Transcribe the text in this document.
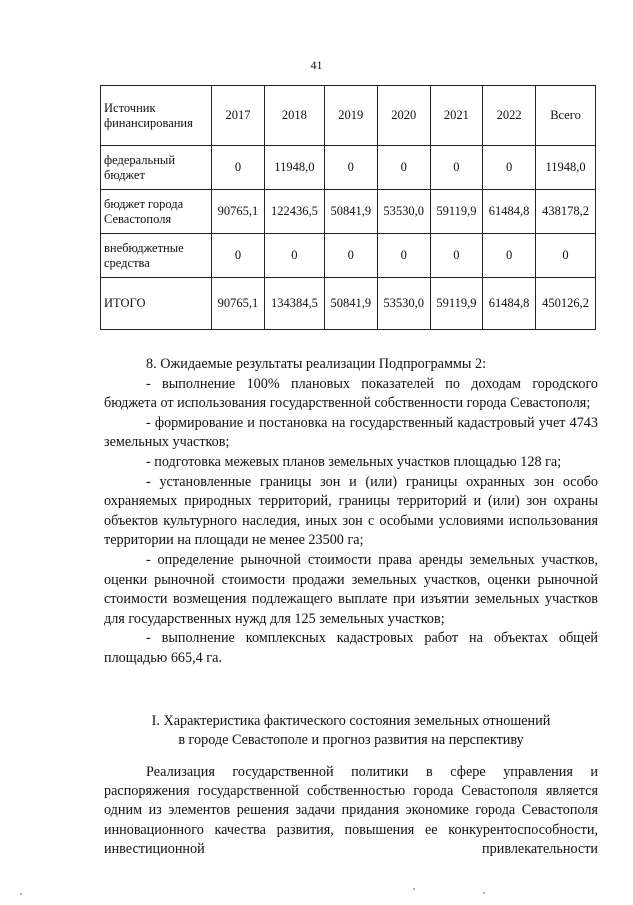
41
Источник финансирования	2017	2018	2019	2020	2021	2022	Всего
федеральный бюджет	0	11948,0	0	0	0	0	11948,0
бюджет города Севастополя	90765,1	122436,5	50841,9	53530,0	59119,9	61484,8	438178,2
внебюджетные средства	0	0	0	0	0	0	0
ИТОГО	90765,1	134384,5	50841,9	53530,0	59119,9	61484,8	450126,2

8. Ожидаемые результаты реализации Подпрограммы 2:

- выполнение 100% плановых показателей по доходам городского бюджета от использования государственной собственности города Севастополя;

- формирование и постановка на государственный кадастровый учет 4743 земельных участков;

- подготовка межевых планов земельных участков площадью 128 га;

- установленные границы зон и (или) границы охранных зон особо охраняемых природных территорий, границы территорий и (или) зон охраны объектов культурного наследия, иных зон с особыми условиями использования территории на площади не менее 23500 га;

- определение рыночной стоимости права аренды земельных участков, оценки рыночной стоимости продажи земельных участков, оценки рыночной стоимости возмещения подлежащего выплате при изъятии земельных участков для государственных нужд для 125 земельных участков;

- выполнение комплексных кадастровых работ на объектах общей площадью 665,4 га.

I. Характеристика фактического состояния земельных отношений
в городе Севастополе и прогноз развития на перспективу

Реализация государственной политики в сфере управления и распоряжения государственной собственностью города Севастополя является одним из элементов решения задачи придания экономике города Севастополя инновационного качества развития, повышения ее конкурентоспособности, инвестиционной привлекательности
